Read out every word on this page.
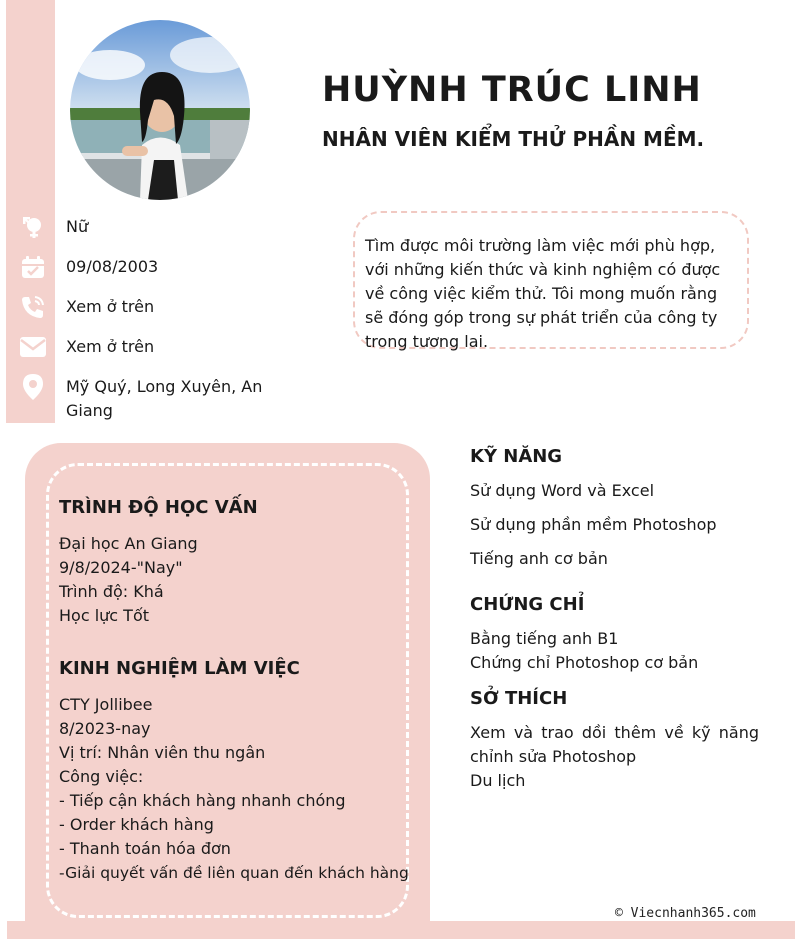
HUỲNH TRÚC LINH
NHÂN VIÊN KIỂM THỬ PHẦN MỀM.
Nữ
09/08/2003
Xem ở trên
Xem ở trên
Mỹ Quý, Long Xuyên, An Giang
Tìm được môi trường làm việc mới phù hợp, với những kiến thức và kinh nghiệm có được về công việc kiểm thử. Tôi mong muốn rằng sẽ đóng góp trong sự phát triển của công ty trong tương lai.
TRÌNH ĐỘ HỌC VẤN
Đại học An Giang
9/8/2024-"Nay"
Trình độ: Khá
Học lực Tốt
KINH NGHIỆM LÀM VIỆC
CTY Jollibee
8/2023-nay
Vị trí: Nhân viên thu ngân
Công việc:
- Tiếp cận khách hàng nhanh chóng
- Order khách hàng
- Thanh toán hóa đơn
-Giải quyết vấn đề liên quan đến khách hàng
KỸ NĂNG
Sử dụng Word và Excel
Sử dụng phần mềm Photoshop
Tiếng anh cơ bản
CHỨNG CHỈ
Bằng tiếng anh B1
Chứng chỉ Photoshop cơ bản
SỞ THÍCH
Xem và trao dồi thêm về kỹ năng
chỉnh sửa Photoshop
Du lịch
© Viecnhanh365.com
